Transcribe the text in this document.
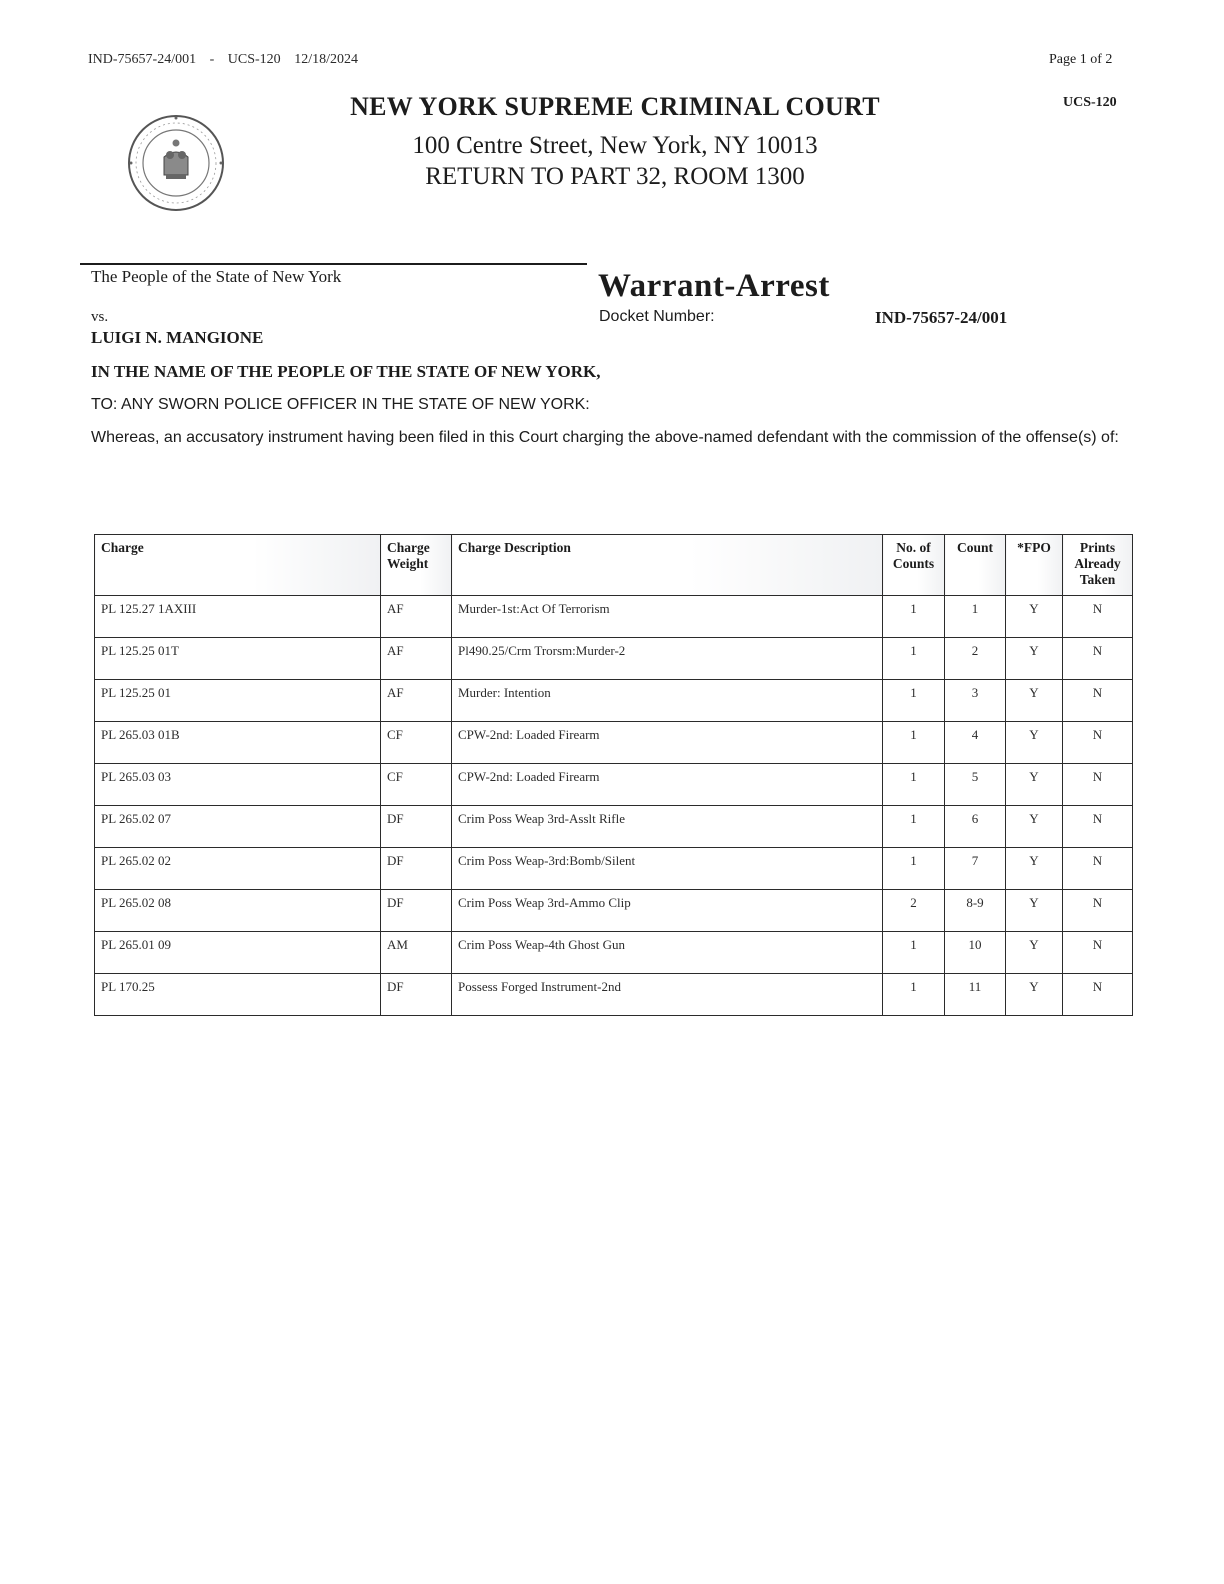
IND-75657-24/001 - UCS-120 12/18/2024	Page 1 of 2
UCS-120
NEW YORK SUPREME CRIMINAL COURT
100 Centre Street, New York, NY 10013
RETURN TO PART 32, ROOM 1300
The People of the State of New York
vs.
LUIGI N. MANGIONE
Warrant-Arrest
Docket Number:	IND-75657-24/001
IN THE NAME OF THE PEOPLE OF THE STATE OF NEW YORK,
TO: ANY SWORN POLICE OFFICER IN THE STATE OF NEW YORK:
Whereas, an accusatory instrument having been filed in this Court charging the above-named defendant with the commission of the offense(s) of:
Charge	Charge Weight	Charge Description	No. of Counts	Count	*FPO	Prints Already Taken
PL 125.27 1AXIII	AF	Murder-1st:Act Of Terrorism	1	1	Y	N
PL 125.25 01T	AF	Pl490.25/Crm Trorsm:Murder-2	1	2	Y	N
PL 125.25 01	AF	Murder: Intention	1	3	Y	N
PL 265.03 01B	CF	CPW-2nd: Loaded Firearm	1	4	Y	N
PL 265.03 03	CF	CPW-2nd: Loaded Firearm	1	5	Y	N
PL 265.02 07	DF	Crim Poss Weap 3rd-Asslt Rifle	1	6	Y	N
PL 265.02 02	DF	Crim Poss Weap-3rd:Bomb/Silent	1	7	Y	N
PL 265.02 08	DF	Crim Poss Weap 3rd-Ammo Clip	2	8-9	Y	N
PL 265.01 09	AM	Crim Poss Weap-4th Ghost Gun	1	10	Y	N
PL 170.25	DF	Possess Forged Instrument-2nd	1	11	Y	N
